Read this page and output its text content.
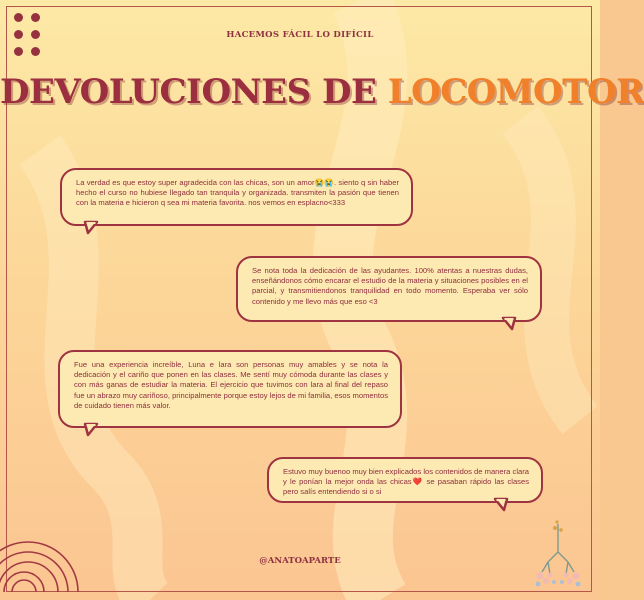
HACEMOS FÁCIL LO DIFÍCIL
DEVOLUCIONES DE LOCOMOTOR

La verdad es que estoy super agradecida con las chicas, son un amor😭😭. siento q sin haber hecho el curso no hubiese llegado tan tranquila y organizada. transmiten la pasión que tienen con la materia e hicieron q sea mi materia favorita. nos vemos en esplacno<333

Se nota toda la dedicación de las ayudantes. 100% atentas a nuestras dudas, enseñándonos cómo encarar el estudio de la materia y situaciones posibles en el parcial, y transmitiendonos tranquilidad en todo momento. Esperaba ver sólo contenido y me llevo más que eso <3

Fue una experiencia increíble, Luna e lara son personas muy amables y se nota la dedicación y el cariño que ponen en las clases. Me sentí muy cómoda durante las clases y con más ganas de estudiar la materia. El ejercicio que tuvimos con lara al final del repaso fue un abrazo muy cariñoso, principalmente porque estoy lejos de mi familia, esos momentos de cuidado tienen más valor.

Estuvo muy buenoo muy bien explicados los contenidos de manera clara y le ponían la mejor onda las chicas❤️ se pasaban rápido las clases pero salís entendiendo si o si

@ANATOAPARTE
